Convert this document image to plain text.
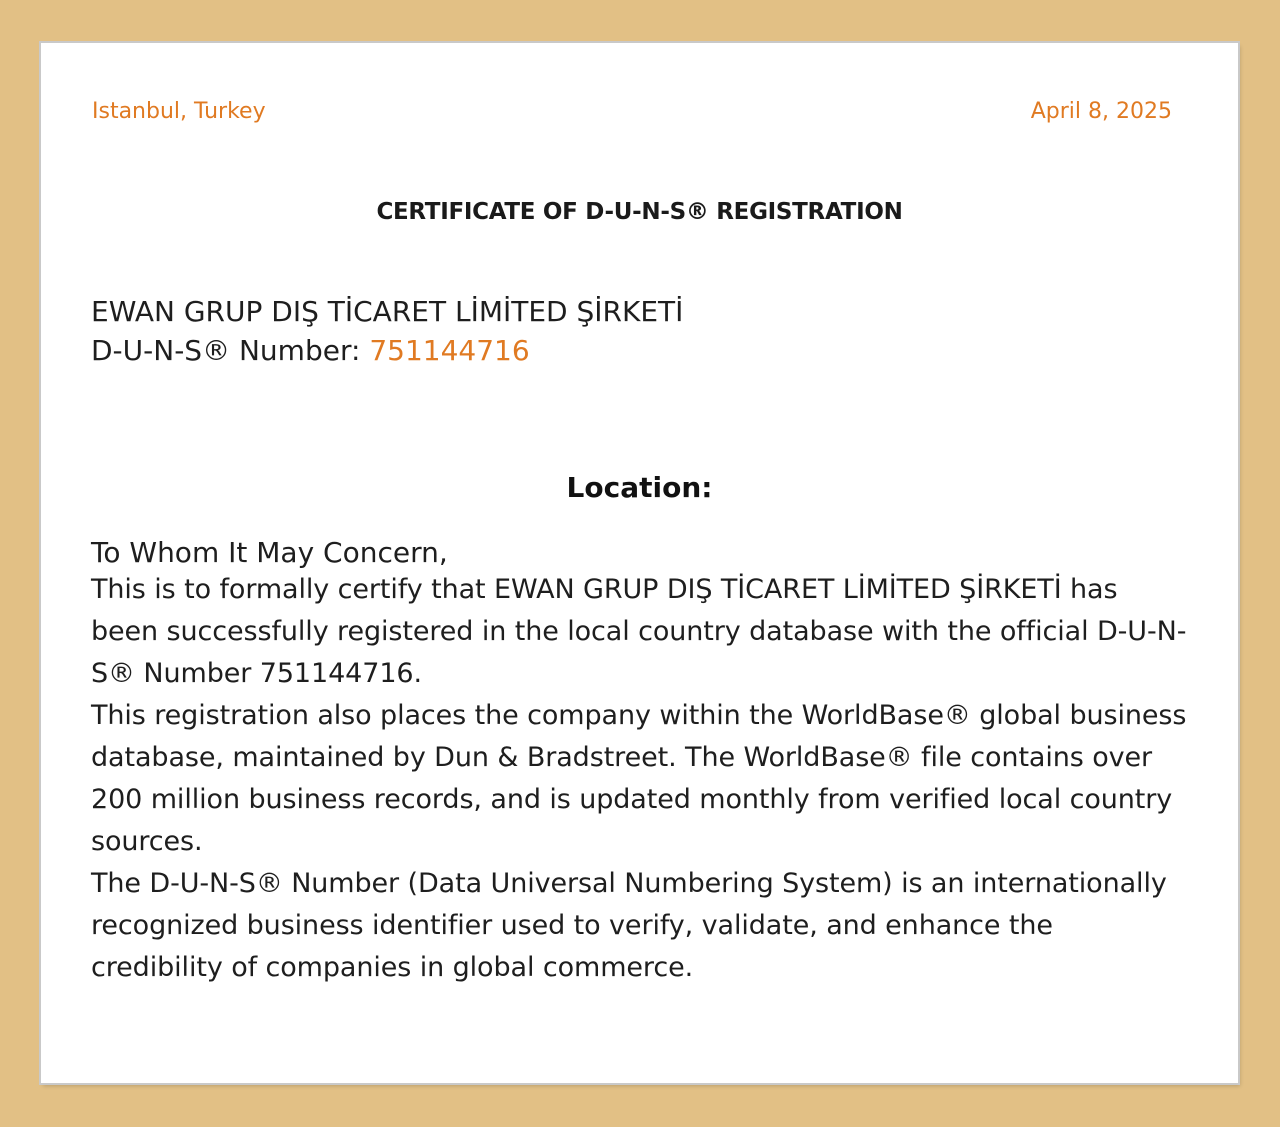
Istanbul, Turkey	April 8, 2025
CERTIFICATE OF D-U-N-S® REGISTRATION
EWAN GRUP DIŞ TİCARET LİMİTED ŞİRKETİ
D-U-N-S® Number: 751144716
Location:
To Whom It May Concern,

This is to formally certify that EWAN GRUP DIŞ TİCARET LİMİTED ŞİRKETİ has been successfully registered in the local country database with the official D-U-N-S® Number 751144716.

This registration also places the company within the WorldBase® global business database, maintained by Dun & Bradstreet. The WorldBase® file contains over 200 million business records, and is updated monthly from verified local country sources.

The D-U-N-S® Number (Data Universal Numbering System) is an internationally recognized business identifier used to verify, validate, and enhance the credibility of companies in global commerce.
